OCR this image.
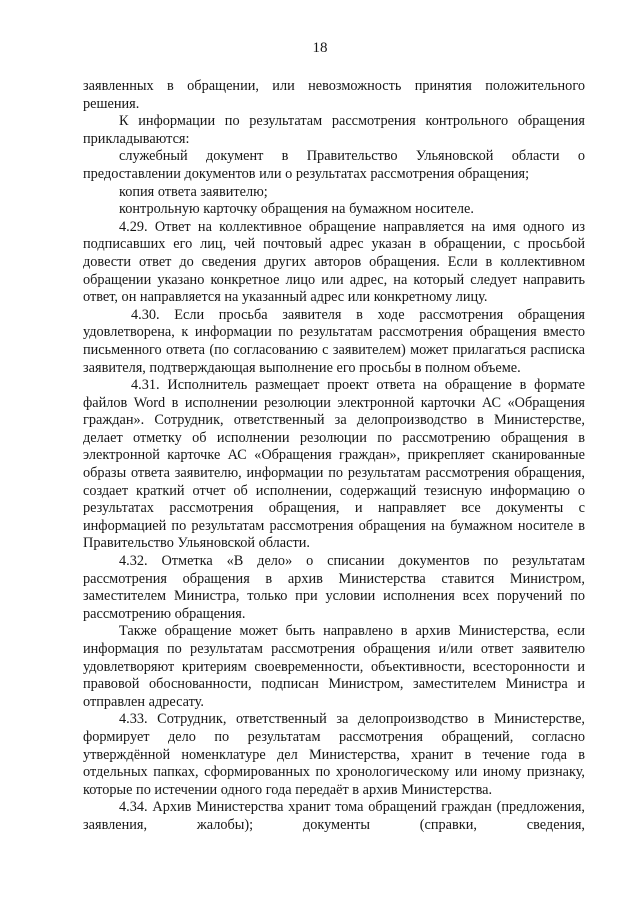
18

заявленных в обращении, или невозможность принятия положительного решения.

К информации по результатам рассмотрения контрольного обращения прикладываются:

служебный документ в Правительство Ульяновской области о предоставлении документов или о результатах рассмотрения обращения;

копия ответа заявителю;

контрольную карточку обращения на бумажном носителе.

4.29. Ответ на коллективное обращение направляется на имя одного из подписавших его лиц, чей почтовый адрес указан в обращении, с просьбой довести ответ до сведения других авторов обращения. Если в коллективном обращении указано конкретное лицо или адрес, на который следует направить ответ, он направляется на указанный адрес или конкретному лицу.

4.30. Если просьба заявителя в ходе рассмотрения обращения удовлетворена, к информации по результатам рассмотрения обращения вместо письменного ответа (по согласованию с заявителем) может прилагаться расписка заявителя, подтверждающая выполнение его просьбы в полном объеме.

4.31. Исполнитель размещает проект ответа на обращение в формате файлов Word в исполнении резолюции электронной карточки АС «Обращения граждан». Сотрудник, ответственный за делопроизводство в Министерстве, делает отметку об исполнении резолюции по рассмотрению обращения в электронной карточке АС «Обращения граждан», прикрепляет сканированные образы ответа заявителю, информации по результатам рассмотрения обращения, создает краткий отчет об исполнении, содержащий тезисную информацию о результатах рассмотрения обращения, и направляет все документы с информацией по результатам рассмотрения обращения на бумажном носителе в Правительство Ульяновской области.

4.32. Отметка «В дело» о списании документов по результатам рассмотрения обращения в архив Министерства ставится Министром, заместителем Министра, только при условии исполнения всех поручений по рассмотрению обращения.

Также обращение может быть направлено в архив Министерства, если информация по результатам рассмотрения обращения и/или ответ заявителю удовлетворяют критериям своевременности, объективности, всесторонности и правовой обоснованности, подписан Министром, заместителем Министра и отправлен адресату.

4.33. Сотрудник, ответственный за делопроизводство в Министерстве, формирует дело по результатам рассмотрения обращений, согласно утверждённой номенклатуре дел Министерства, хранит в течение года в отдельных папках, сформированных по хронологическому или иному признаку, которые по истечении одного года передаёт в архив Министерства.

4.34. Архив Министерства хранит тома обращений граждан (предложения, заявления, жалобы); документы (справки, сведения,
